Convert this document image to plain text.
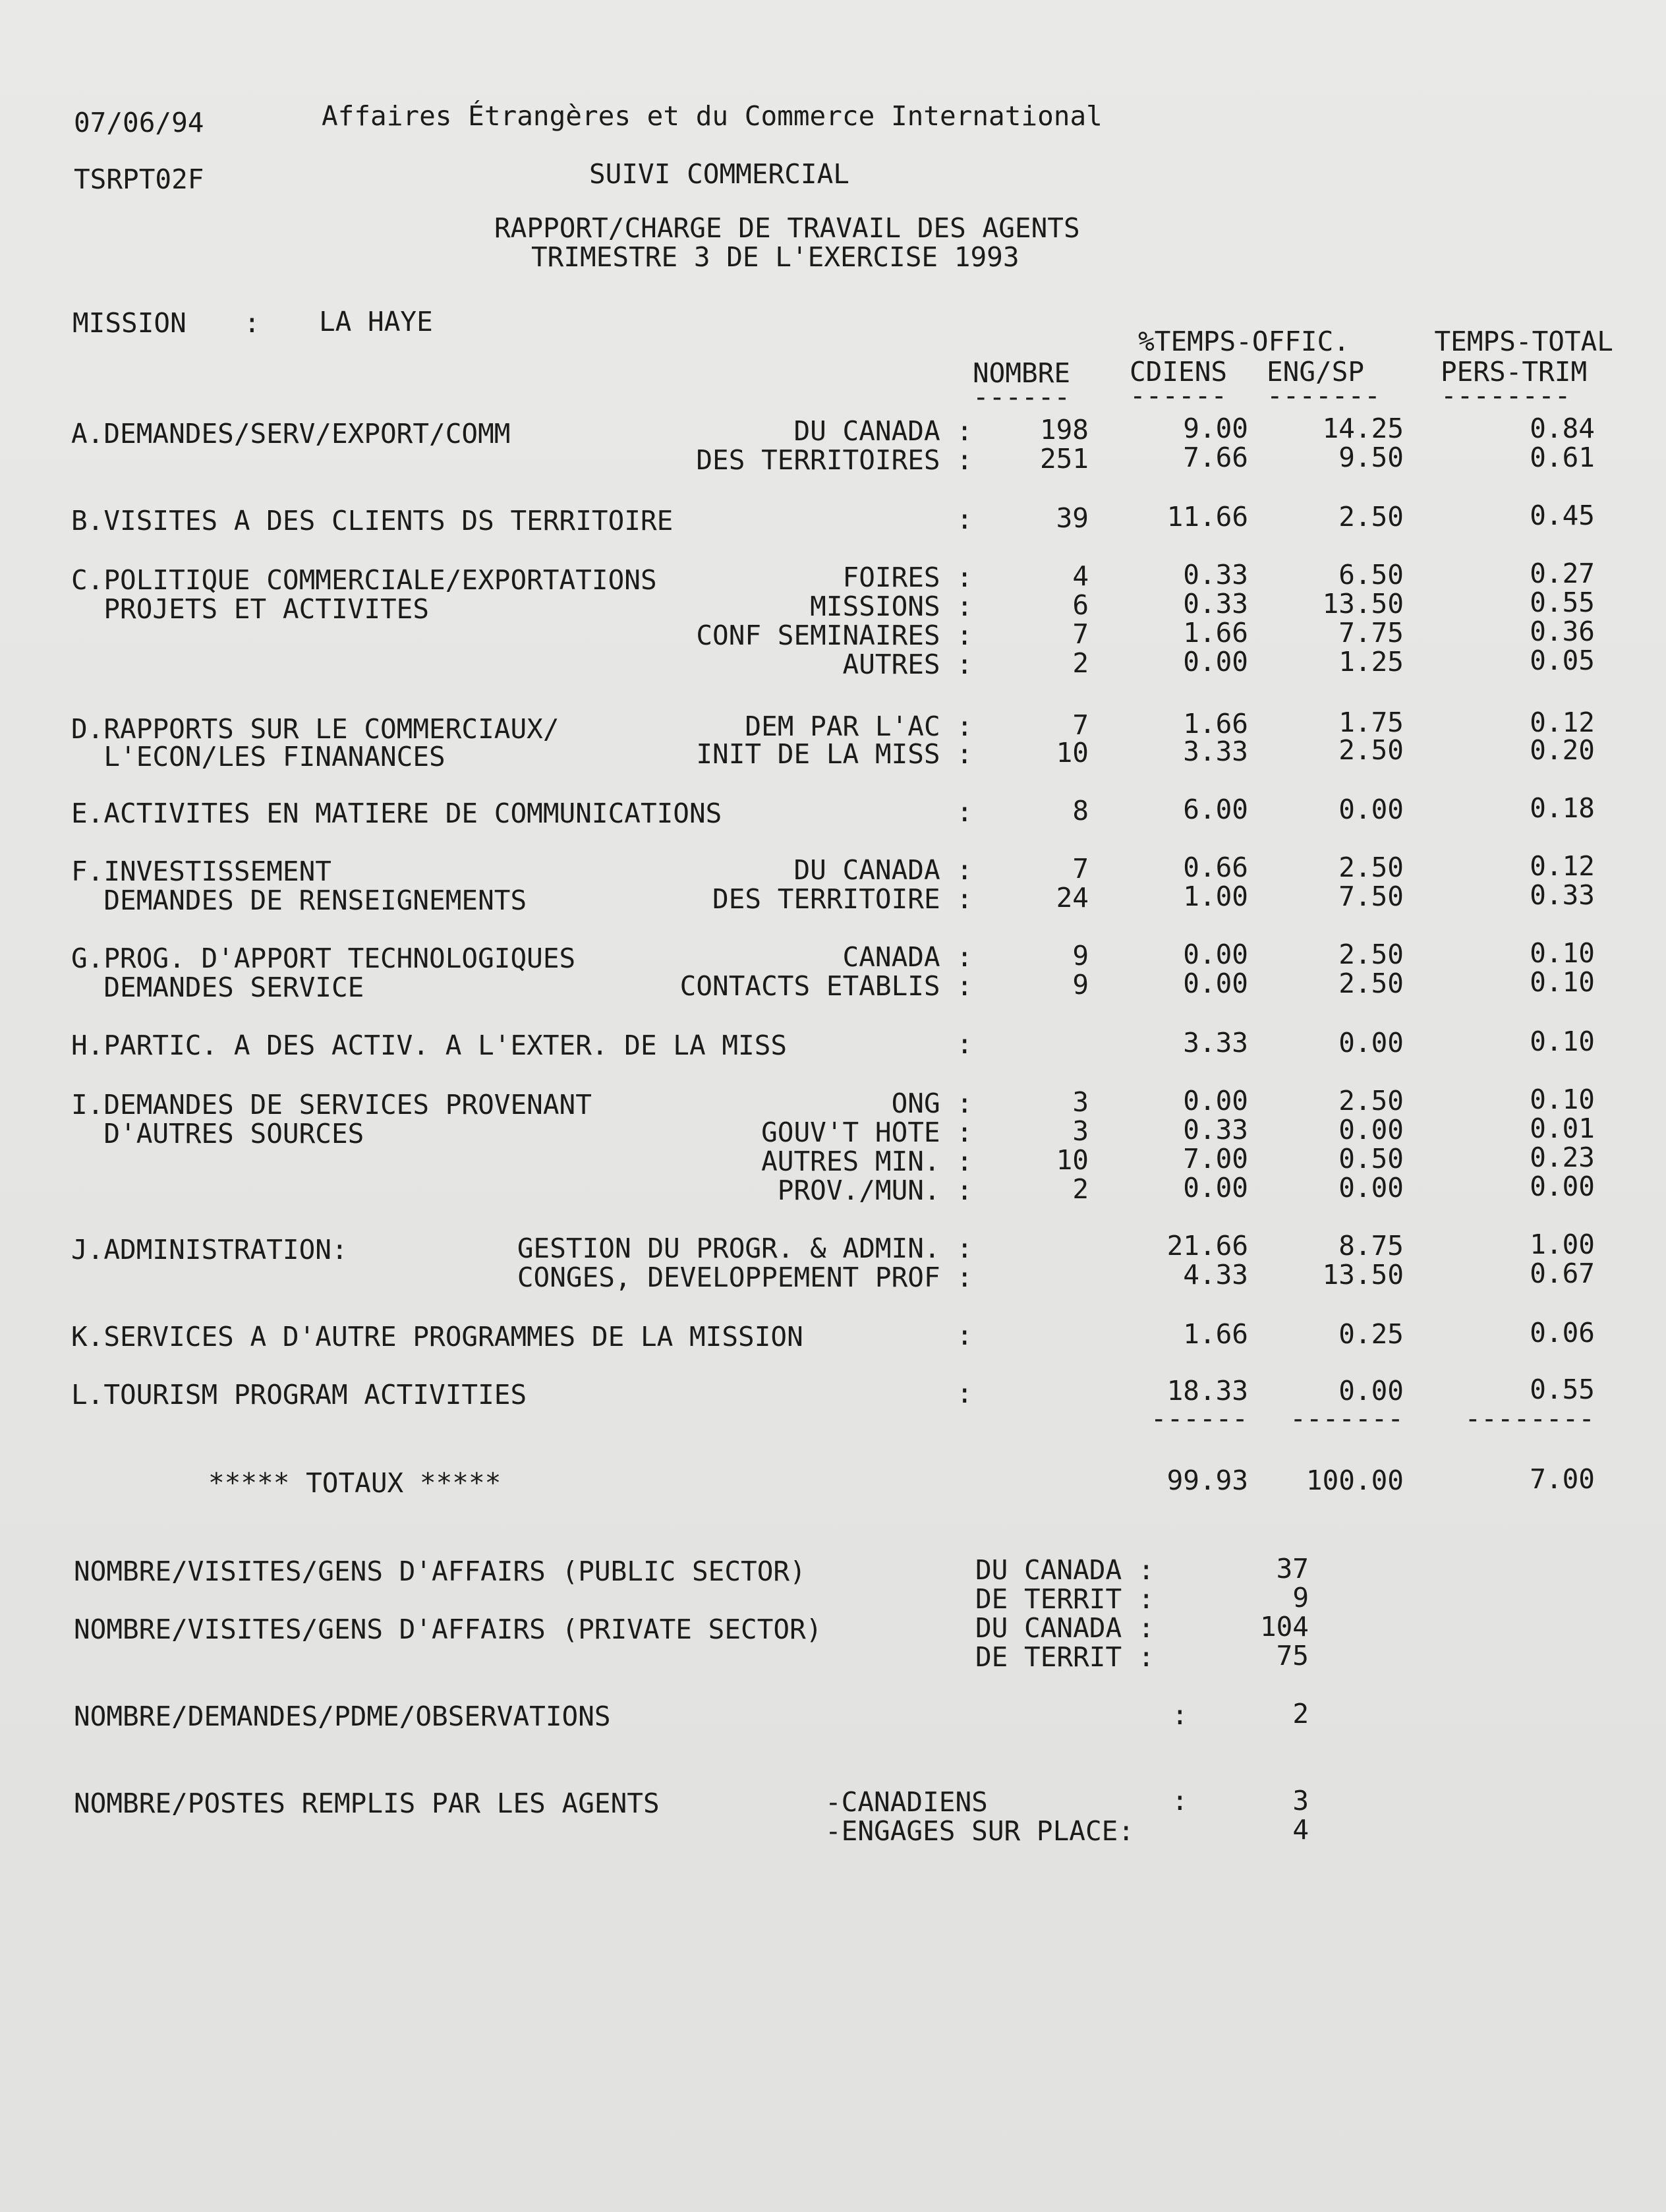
07/06/94	Affaires Étrangères et du Commerce International
TSRPT02F	SUIVI COMMERCIAL
RAPPORT/CHARGE DE TRAVAIL DES AGENTS
TRIMESTRE 3 DE L'EXERCISE 1993
MISSION : LA HAYE
%TEMPS-OFFIC.	TEMPS-TOTAL
NOMBRE CDIENS ENG/SP	PERS-TRIM
------ ------ ------- --------
A.DEMANDES/SERV/EXPORT/COMM	DU CANADA : 198	9.00	14.25	0.84
DES TERRITOIRES : 251	7.66	9.50	0.61
B.VISITES A DES CLIENTS DS TERRITOIRE	:	39	11.66	2.50	0.45
C.POLITIQUE COMMERCIALE/EXPORTATIONS	FOIRES :	4	0.33	6.50	0.27
PROJETS ET ACTIVITES	MISSIONS :	6	0.33	13.50	0.55
CONF SEMINAIRES :	7	1.66	7.75	0.36
AUTRES :	2	0.00	1.25	0.05
D.RAPPORTS SUR LE COMMERCIAUX/	DEM PAR L'AC :	7	1.66	1.75	0.12
L'ECON/LES FINANANCES	INIT DE LA MISS :	10	3.33	2.50	0.20
E.ACTIVITES EN MATIERE DE COMMUNICATIONS	:	8	6.00	0.00	0.18
F.INVESTISSEMENT	DU CANADA :	7	0.66	2.50	0.12
DEMANDES DE RENSEIGNEMENTS	DES TERRITOIRE :	24	1.00	7.50	0.33
G.PROG. D'APPORT TECHNOLOGIQUES	CANADA :	9	0.00	2.50	0.10
DEMANDES SERVICE	CONTACTS ETABLIS :	9	0.00	2.50	0.10
H.PARTIC. A DES ACTIV. A L'EXTER. DE LA MISS	:	3.33	0.00	0.10
I.DEMANDES DE SERVICES PROVENANT	ONG :	3	0.00	2.50	0.10
D'AUTRES SOURCES	GOUV'T HOTE :	3	0.33	0.00	0.01
AUTRES MIN. :	10	7.00	0.50	0.23
PROV./MUN. :	2	0.00	0.00	0.00
J.ADMINISTRATION:	GESTION DU PROGR. & ADMIN. :	21.66	8.75	1.00
CONGES, DEVELOPPEMENT PROF :	4.33	13.50	0.67
K.SERVICES A D'AUTRE PROGRAMMES DE LA MISSION	:	1.66	0.25	0.06
L.TOURISM PROGRAM ACTIVITIES	:	18.33	0.00	0.55
------ ------- --------
***** TOTAUX *****	99.93 100.00	7.00
NOMBRE/VISITES/GENS D'AFFAIRS (PUBLIC SECTOR)	DU CANADA :	37
DE TERRIT :	9
NOMBRE/VISITES/GENS D'AFFAIRS (PRIVATE SECTOR)	DU CANADA :	104
DE TERRIT :	75
NOMBRE/DEMANDES/PDME/OBSERVATIONS	:	2
NOMBRE/POSTES REMPLIS PAR LES AGENTS	-CANADIENS	:	3
-ENGAGES SUR PLACE:	4
